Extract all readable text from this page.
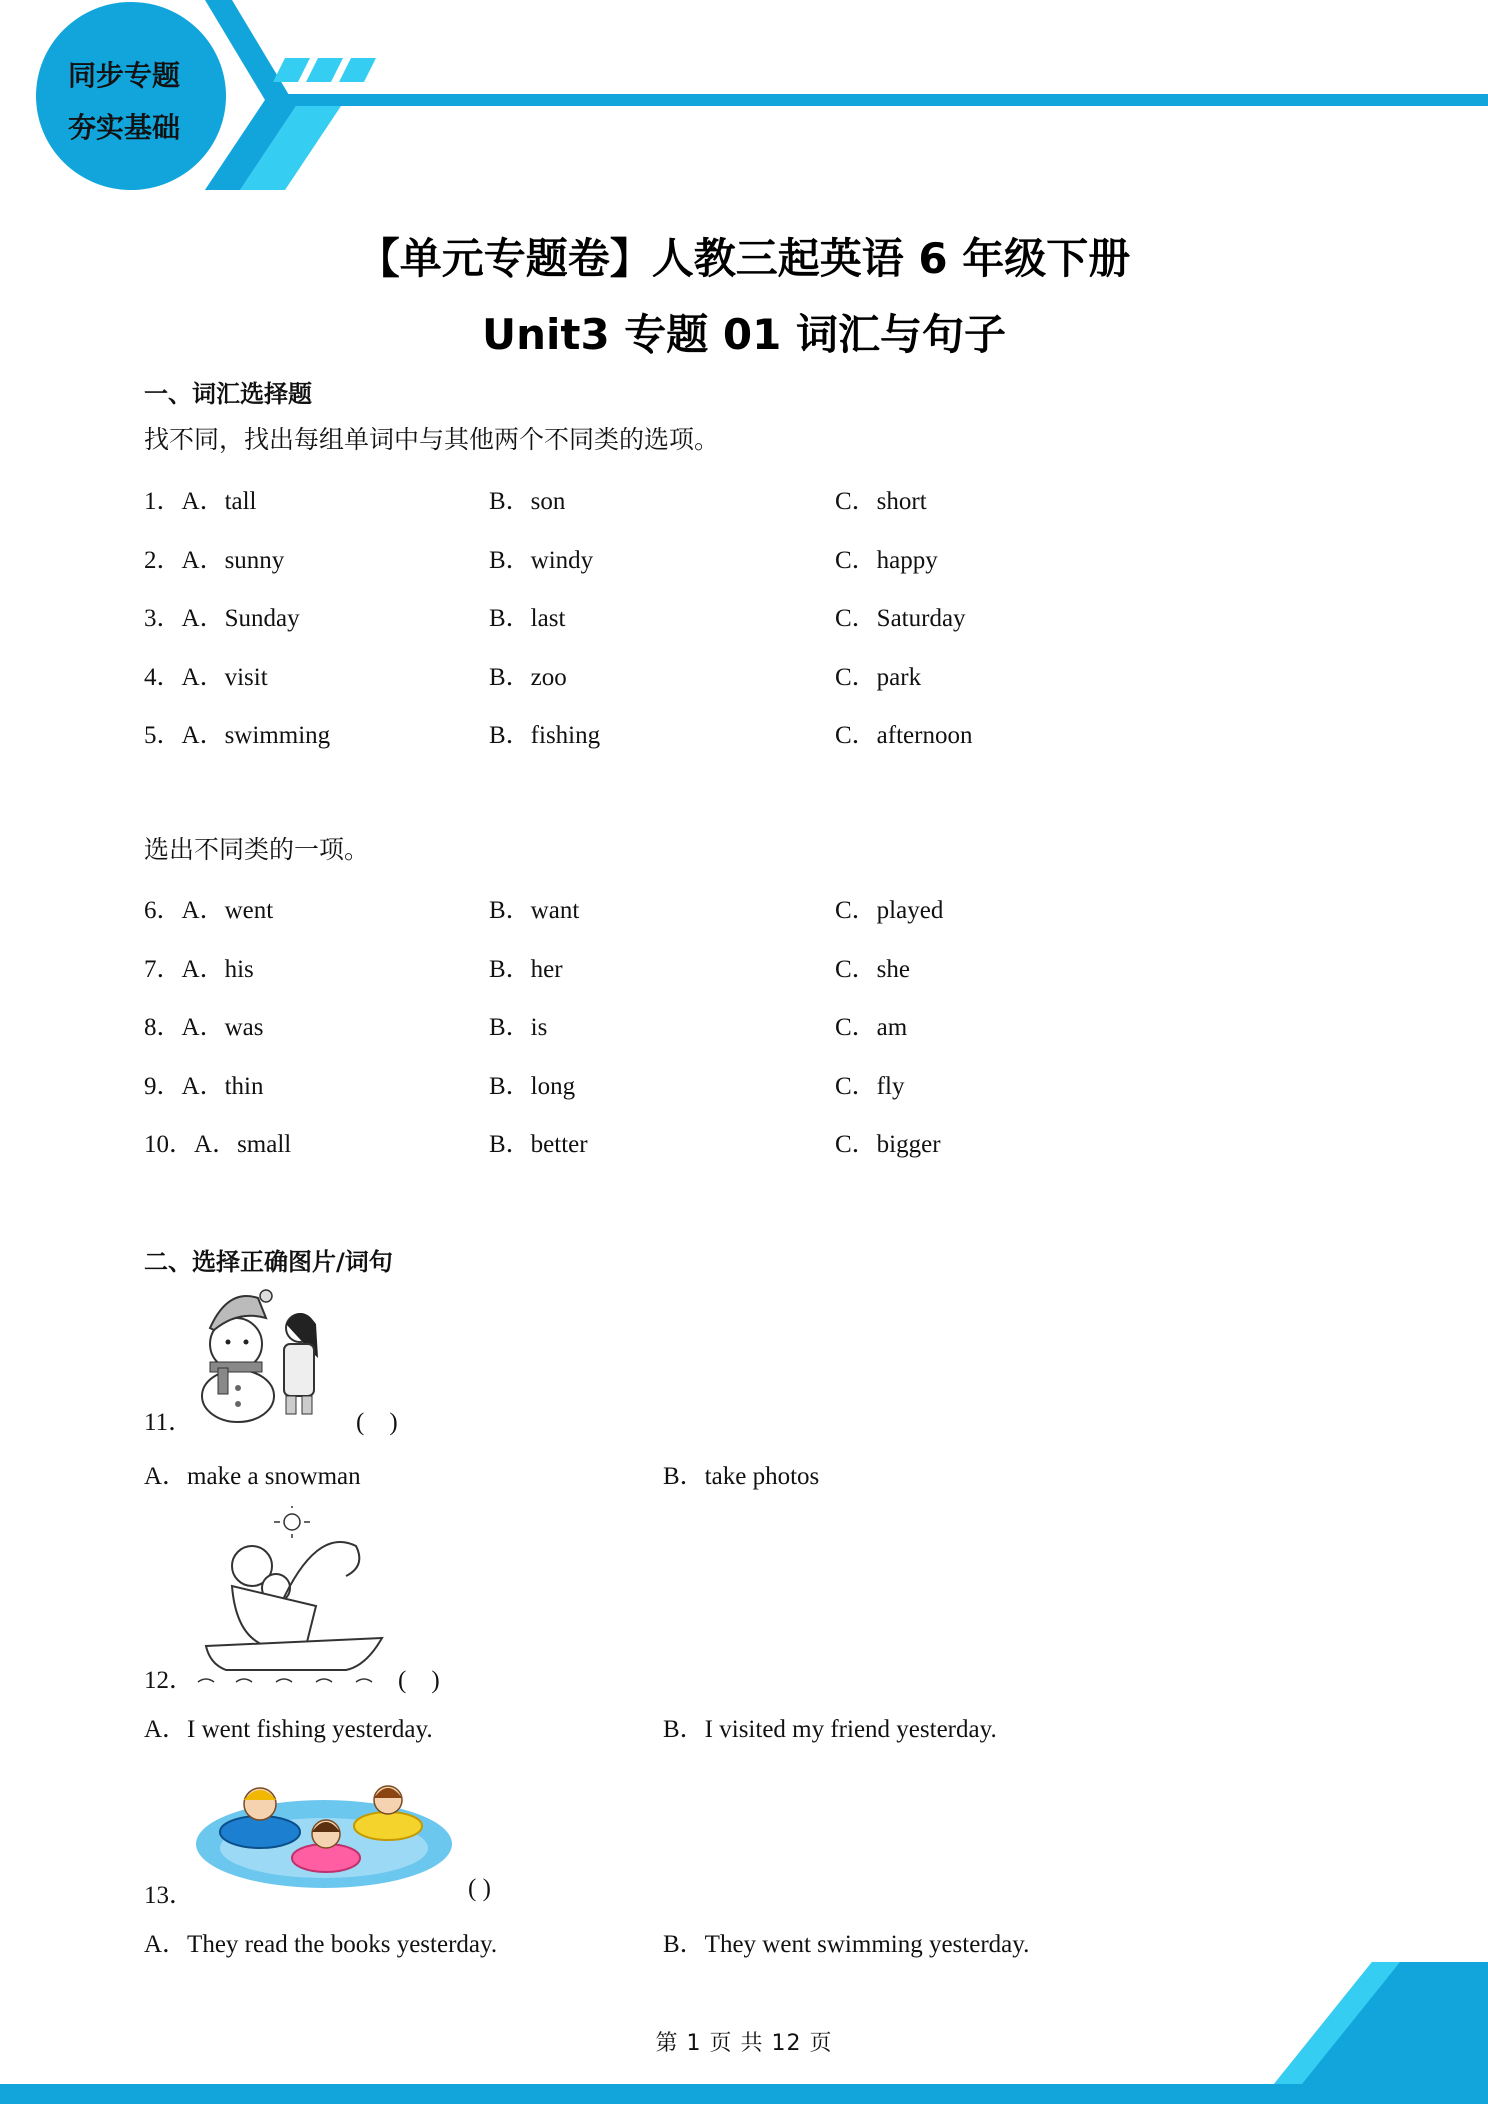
同步专题
夯实基础
【单元专题卷】人教三起英语 6 年级下册
Unit3 专题 01 词汇与句子
一、词汇选择题
找不同，找出每组单词中与其他两个不同类的选项。
1．A．tall	B．son	C．short
2．A．sunny	B．windy	C．happy
3．A．Sunday	B．last	C．Saturday
4．A．visit	B．zoo	C．park
5．A．swimming	B．fishing	C．afternoon
选出不同类的一项。
6．A．went	B．want	C．played
7．A．his	B．her	C．she
8．A．was	B．is	C．am
9．A．thin	B．long	C．fly
10．A．small	B．better	C．bigger
二、选择正确图片/词句
11．	(　)
A．make a snowman	B．take photos
12．	(　)
A．I went fishing yesterday.	B．I visited my friend yesterday.
13．	( )
A．They read the books yesterday.	B．They went swimming yesterday.
第 1 页 共 12 页
